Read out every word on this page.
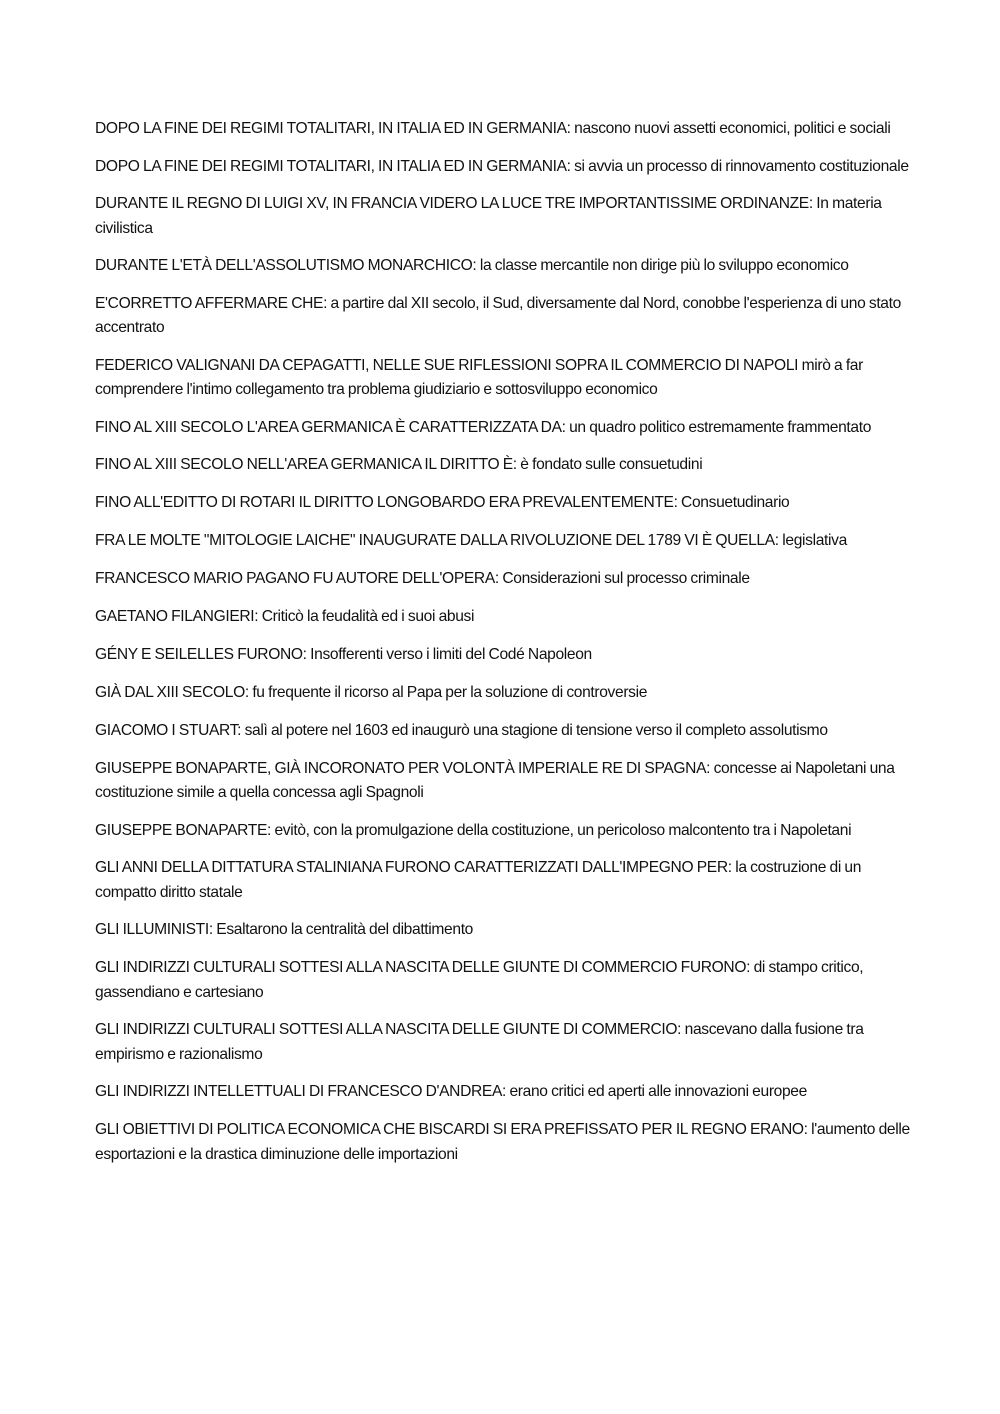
DOPO LA FINE DEI REGIMI TOTALITARI, IN ITALIA ED IN GERMANIA: nascono nuovi assetti economici, politici e sociali
DOPO LA FINE DEI REGIMI TOTALITARI, IN ITALIA ED IN GERMANIA: si avvia un processo di rinnovamento costituzionale
DURANTE IL REGNO DI LUIGI XV, IN FRANCIA VIDERO LA LUCE TRE IMPORTANTISSIME ORDINANZE: In materia civilistica
DURANTE L'ETÀ DELL'ASSOLUTISMO MONARCHICO: la classe mercantile non dirige più lo sviluppo economico
E'CORRETTO AFFERMARE CHE: a partire dal XII secolo, il Sud, diversamente dal Nord, conobbe l'esperienza di uno stato accentrato
FEDERICO VALIGNANI DA CEPAGATTI, NELLE SUE RIFLESSIONI SOPRA IL COMMERCIO DI NAPOLI mirò a far comprendere l'intimo collegamento tra problema giudiziario e sottosviluppo economico
FINO AL XIII SECOLO L'AREA GERMANICA È CARATTERIZZATA DA: un quadro politico estremamente frammentato
FINO AL XIII SECOLO NELL'AREA GERMANICA IL DIRITTO È: è fondato sulle consuetudini
FINO ALL'EDITTO DI ROTARI IL DIRITTO LONGOBARDO ERA PREVALENTEMENTE: Consuetudinario
FRA LE MOLTE "MITOLOGIE LAICHE" INAUGURATE DALLA RIVOLUZIONE DEL 1789 VI È QUELLA: legislativa
FRANCESCO MARIO PAGANO FU AUTORE DELL'OPERA: Considerazioni sul processo criminale
GAETANO FILANGIERI: Criticò la feudalità ed i suoi abusi
GÉNY E SEILELLES FURONO: Insofferenti verso i limiti del Codé Napoleon
GIÀ DAL XIII SECOLO: fu frequente il ricorso al Papa per la soluzione di controversie
GIACOMO I STUART: salì al potere nel 1603 ed inaugurò una stagione di tensione verso il completo assolutismo
GIUSEPPE BONAPARTE, GIÀ INCORONATO PER VOLONTÀ IMPERIALE RE DI SPAGNA: concesse ai Napoletani una costituzione simile a quella concessa agli Spagnoli
GIUSEPPE BONAPARTE: evitò, con la promulgazione della costituzione, un pericoloso malcontento tra i Napoletani
GLI ANNI DELLA DITTATURA STALINIANA FURONO CARATTERIZZATI DALL'IMPEGNO PER: la costruzione di un compatto diritto statale
GLI ILLUMINISTI: Esaltarono la centralità del dibattimento
GLI INDIRIZZI CULTURALI SOTTESI ALLA NASCITA DELLE GIUNTE DI COMMERCIO FURONO: di stampo critico, gassendiano e cartesiano
GLI INDIRIZZI CULTURALI SOTTESI ALLA NASCITA DELLE GIUNTE DI COMMERCIO: nascevano dalla fusione tra empirismo e razionalismo
GLI INDIRIZZI INTELLETTUALI DI FRANCESCO D'ANDREA: erano critici ed aperti alle innovazioni europee
GLI OBIETTIVI DI POLITICA ECONOMICA CHE BISCARDI SI ERA PREFISSATO PER IL REGNO ERANO: l'aumento delle esportazioni e la drastica diminuzione delle importazioni
